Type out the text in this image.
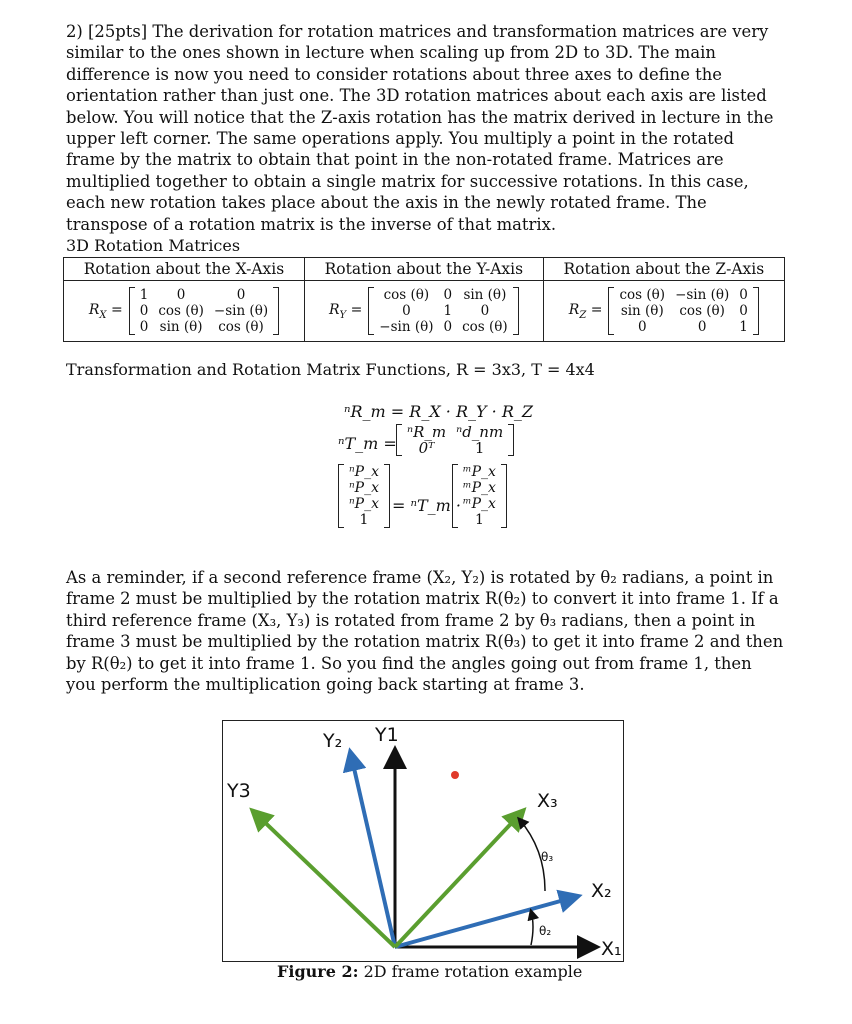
2) [25pts] The derivation for rotation matrices and transformation matrices are very similar to the ones shown in lecture when scaling up from 2D to 3D. The main difference is now you need to consider rotations about three axes to define the orientation rather than just one. The 3D rotation matrices about each axis are listed below. You will notice that the Z-axis rotation has the matrix derived in lecture in the upper left corner. The same operations apply. You multiply a point in the rotated frame by the matrix to obtain that point in the non-rotated frame. Matrices are multiplied together to obtain a single matrix for successive rotations. In this case, each new rotation takes place about the axis in the newly rotated frame. The transpose of a rotation matrix is the inverse of that matrix.

3D Rotation Matrices
Rotation about the X-Axis	Rotation about the Y-Axis	Rotation about the Z-Axis

$R_X$ =
1	0	0
0	cos (θ)	−sin (θ)
0	sin (θ)	cos (θ)

$R_Y$ =
cos (θ)	0	sin (θ)
0	1	0
−sin (θ)	0	cos (θ)

$R_Z$ =
cos (θ)	−sin (θ)	0
sin (θ)	cos (θ)	0
0	0	1
Transformation and Rotation Matrix Functions, R = 3x3, T = 4x4
ⁿR_m = R_X · R_Y · R_Z
ⁿT_m =
ⁿR_m	ⁿd_nm
0ᵀ	1
ⁿP_x
ⁿP_x
ⁿP_x
1
= ⁿT_m ·
ᵐP_x
ᵐP_x
ᵐP_x
1

As a reminder, if a second reference frame (X₂, Y₂) is rotated by θ₂ radians, a point in frame 2 must be multiplied by the rotation matrix R(θ₂) to convert it into frame 1. If a third reference frame (X₃, Y₃) is rotated from frame 2 by θ₃ radians, then a point in frame 3 must be multiplied by the rotation matrix R(θ₃) to get it into frame 2 and then by R(θ₂) to get it into frame 1. So you find the angles going out from frame 1, then you perform the multiplication going back starting at frame 3.

Y₂ Y1
Y3	X₃
X₂
X₁
θ₃
θ₂
Figure 2: 2D frame rotation example
